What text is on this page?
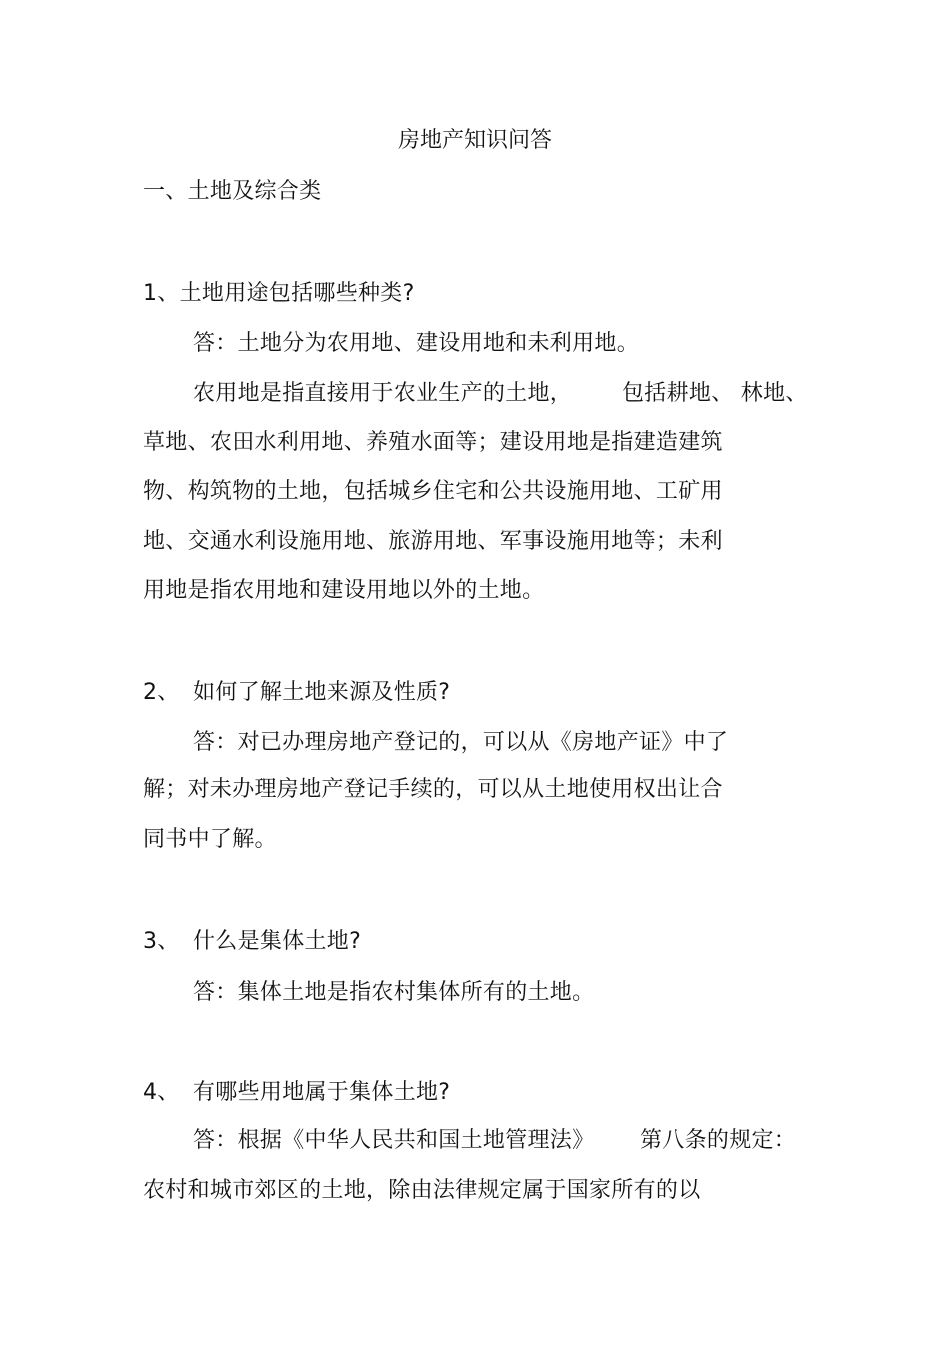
房地产知识问答
一、土地及综合类
1、土地用途包括哪些种类?
答：土地分为农用地、建设用地和未利用地。
农用地是指直接用于农业生产的土地， 包括耕地、 林地、
草地、农田水利用地、养殖水面等；建设用地是指建造建筑
物、构筑物的土地，包括城乡住宅和公共设施用地、工矿用
地、交通水利设施用地、旅游用地、军事设施用地等；未利
用地是指农用地和建设用地以外的土地。
2、 如何了解土地来源及性质?
答：对已办理房地产登记的，可以从《房地产证》中了
解；对未办理房地产登记手续的，可以从土地使用权出让合
同书中了解。
3、 什么是集体土地?
答：集体土地是指农村集体所有的土地。
4、 有哪些用地属于集体土地?
答：根据《中华人民共和国土地管理法》 第八条的规定：
农村和城市郊区的土地，除由法律规定属于国家所有的以
